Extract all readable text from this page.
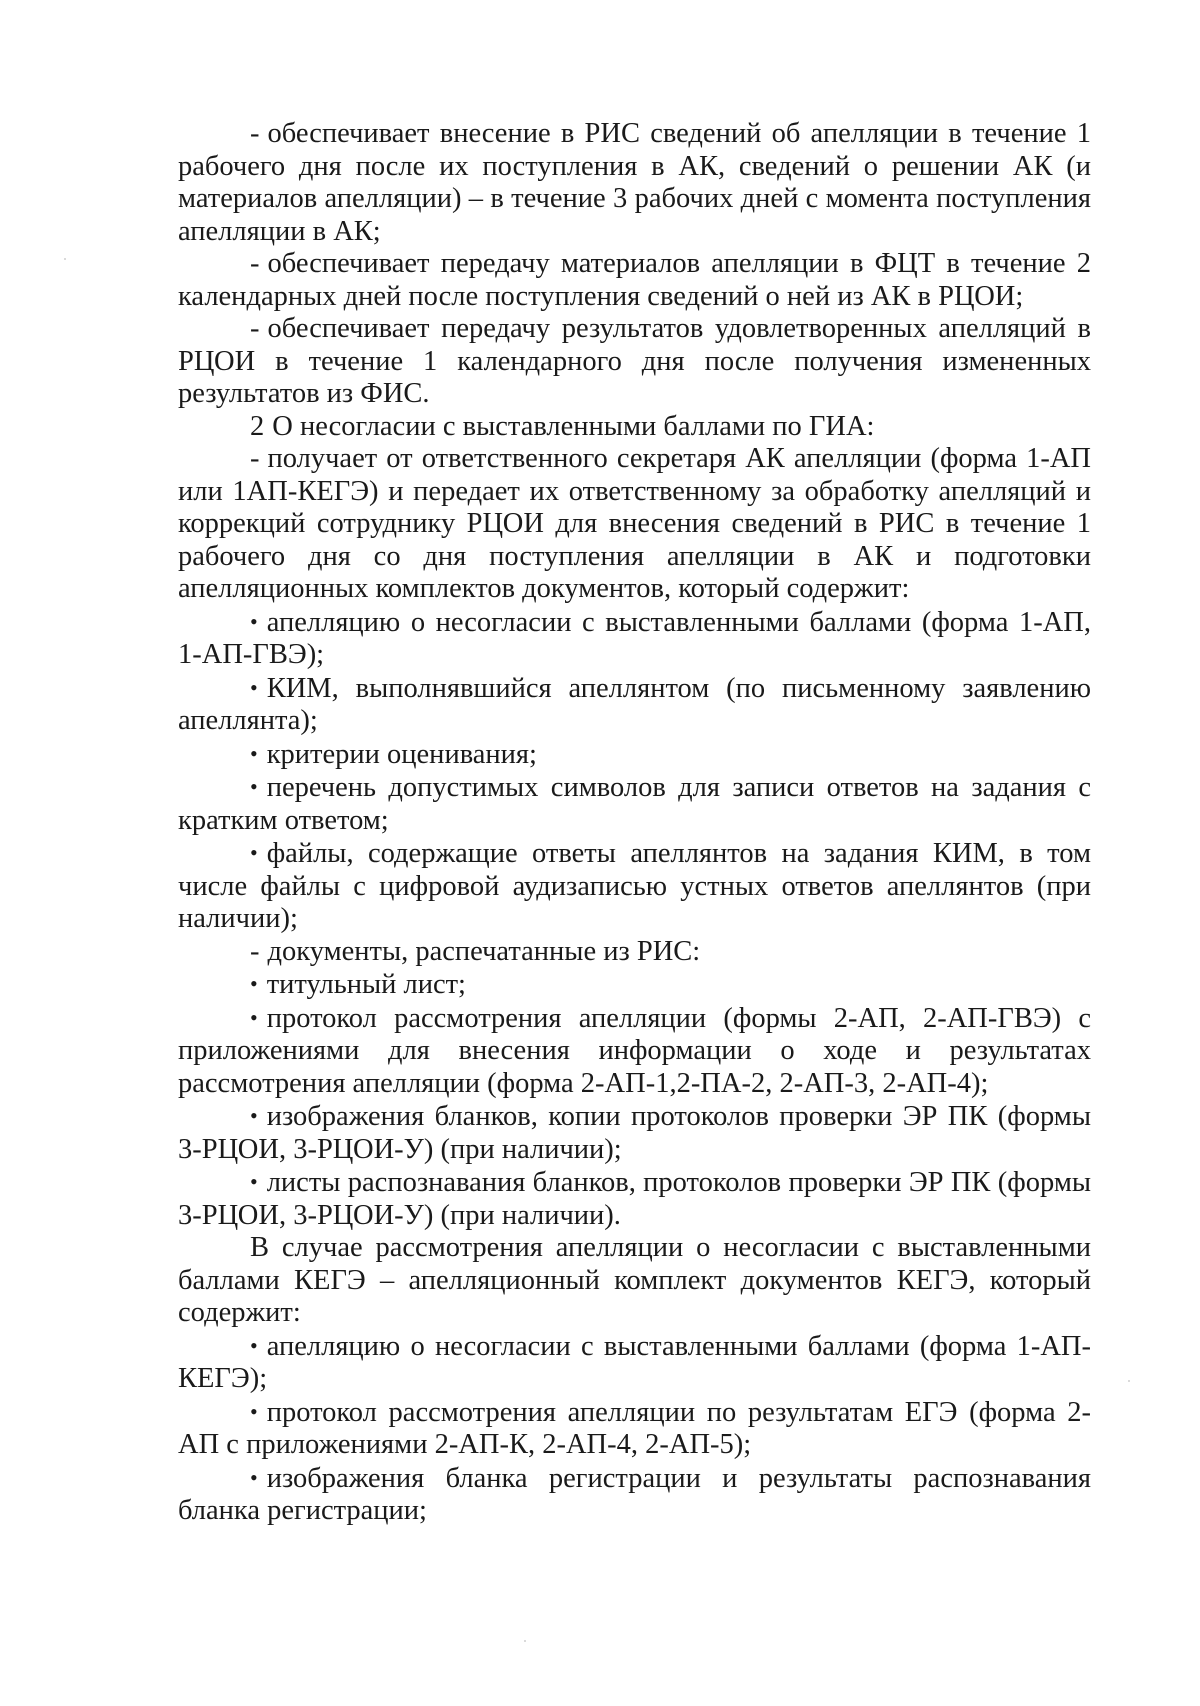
- обеспечивает внесение в РИС сведений об апелляции в течение 1 рабочего дня после их поступления в АК, сведений о решении АК (и материалов апелляции) – в течение 3 рабочих дней с момента поступления апелляции в АК;

- обеспечивает передачу материалов апелляции в ФЦТ в течение 2 календарных дней после поступления сведений о ней из АК в РЦОИ;

- обеспечивает передачу результатов удовлетворенных апелляций в РЦОИ в течение 1 календарного дня после получения измененных результатов из ФИС.

2 О несогласии с выставленными баллами по ГИА:

- получает от ответственного секретаря АК апелляции (форма 1-АП или 1АП-КЕГЭ) и передает их ответственному за обработку апелляций и коррекций сотруднику РЦОИ для внесения сведений в РИС в течение 1 рабочего дня со дня поступления апелляции в АК и подготовки апелляционных комплектов документов, который содержит:

• апелляцию о несогласии с выставленными баллами (форма 1-АП, 1-АП-ГВЭ);

• КИМ, выполнявшийся апеллянтом (по письменному заявлению апеллянта);

• критерии оценивания;

• перечень допустимых символов для записи ответов на задания с кратким ответом;

• файлы, содержащие ответы апеллянтов на задания КИМ, в том числе файлы с цифровой аудизаписью устных ответов апеллянтов (при наличии);

- документы, распечатанные из РИС:

• титульный лист;

• протокол рассмотрения апелляции (формы 2-АП, 2-АП-ГВЭ) с приложениями для внесения информации о ходе и результатах рассмотрения апелляции (форма 2-АП-1,2-ПА-2, 2-АП-3, 2-АП-4);

• изображения бланков, копии протоколов проверки ЭР ПК (формы 3-РЦОИ, 3-РЦОИ-У) (при наличии);

• листы распознавания бланков, протоколов проверки ЭР ПК (формы 3-РЦОИ, 3-РЦОИ-У) (при наличии).

В случае рассмотрения апелляции о несогласии с выставленными баллами КЕГЭ – апелляционный комплект документов КЕГЭ, который содержит:

• апелляцию о несогласии с выставленными баллами (форма 1-АП-КЕГЭ);

• протокол рассмотрения апелляции по результатам ЕГЭ (форма 2-АП с приложениями 2-АП-К, 2-АП-4, 2-АП-5);

• изображения бланка регистрации и результаты распознавания бланка регистрации;
